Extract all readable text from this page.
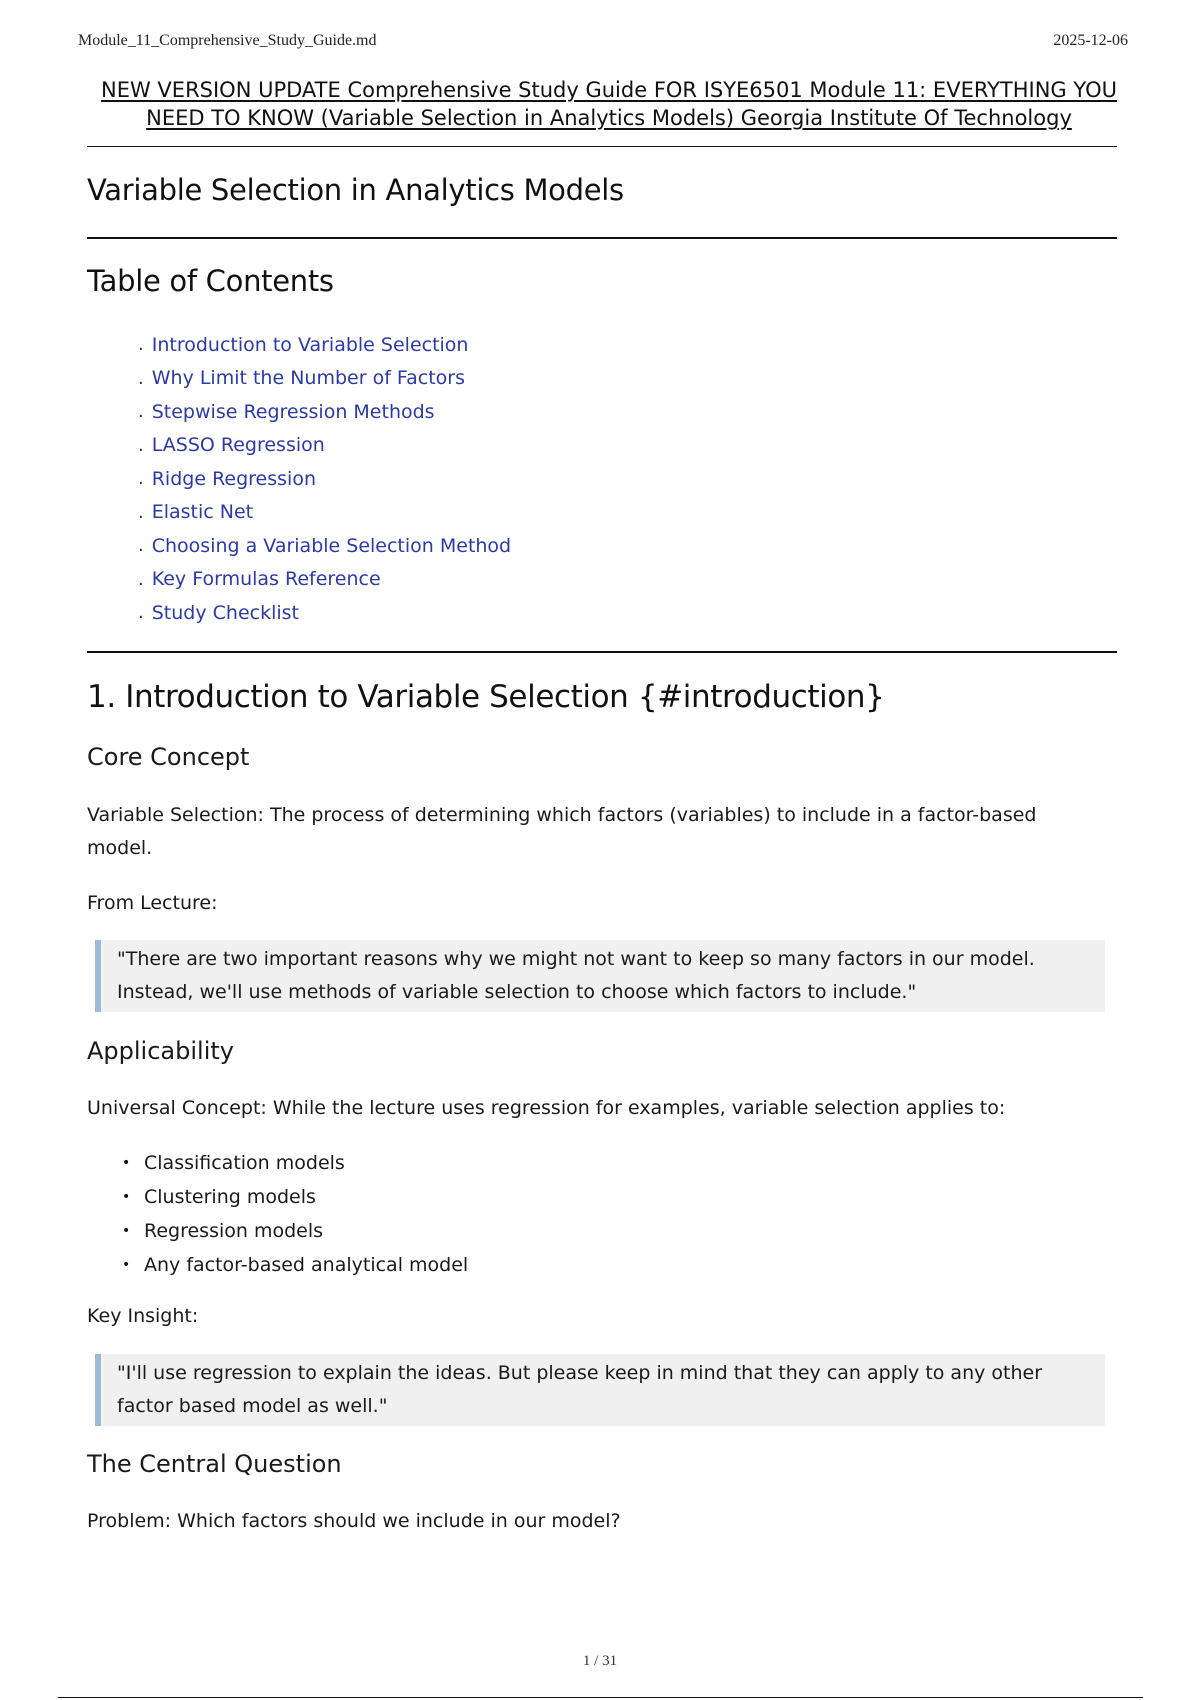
Module_11_Comprehensive_Study_Guide.md	2025-12-06
NEW VERSION UPDATE Comprehensive Study Guide FOR ISYE6501 Module 11: EVERYTHING YOU
NEED TO KNOW (Variable Selection in Analytics Models) Georgia Institute Of Technology
Variable Selection in Analytics Models
Table of Contents
. Introduction to Variable Selection
. Why Limit the Number of Factors
. Stepwise Regression Methods
. LASSO Regression
. Ridge Regression
. Elastic Net
. Choosing a Variable Selection Method
. Key Formulas Reference
. Study Checklist
1. Introduction to Variable Selection {#introduction}
Core Concept
Variable Selection: The process of determining which factors (variables) to include in a factor-based model.
From Lecture:
"There are two important reasons why we might not want to keep so many factors in our model. Instead, we'll use methods of variable selection to choose which factors to include."
Applicability
Universal Concept: While the lecture uses regression for examples, variable selection applies to:
• Classification models
• Clustering models
• Regression models
• Any factor-based analytical model
Key Insight:
"I'll use regression to explain the ideas. But please keep in mind that they can apply to any other factor based model as well."
The Central Question
Problem: Which factors should we include in our model?
1 / 31
